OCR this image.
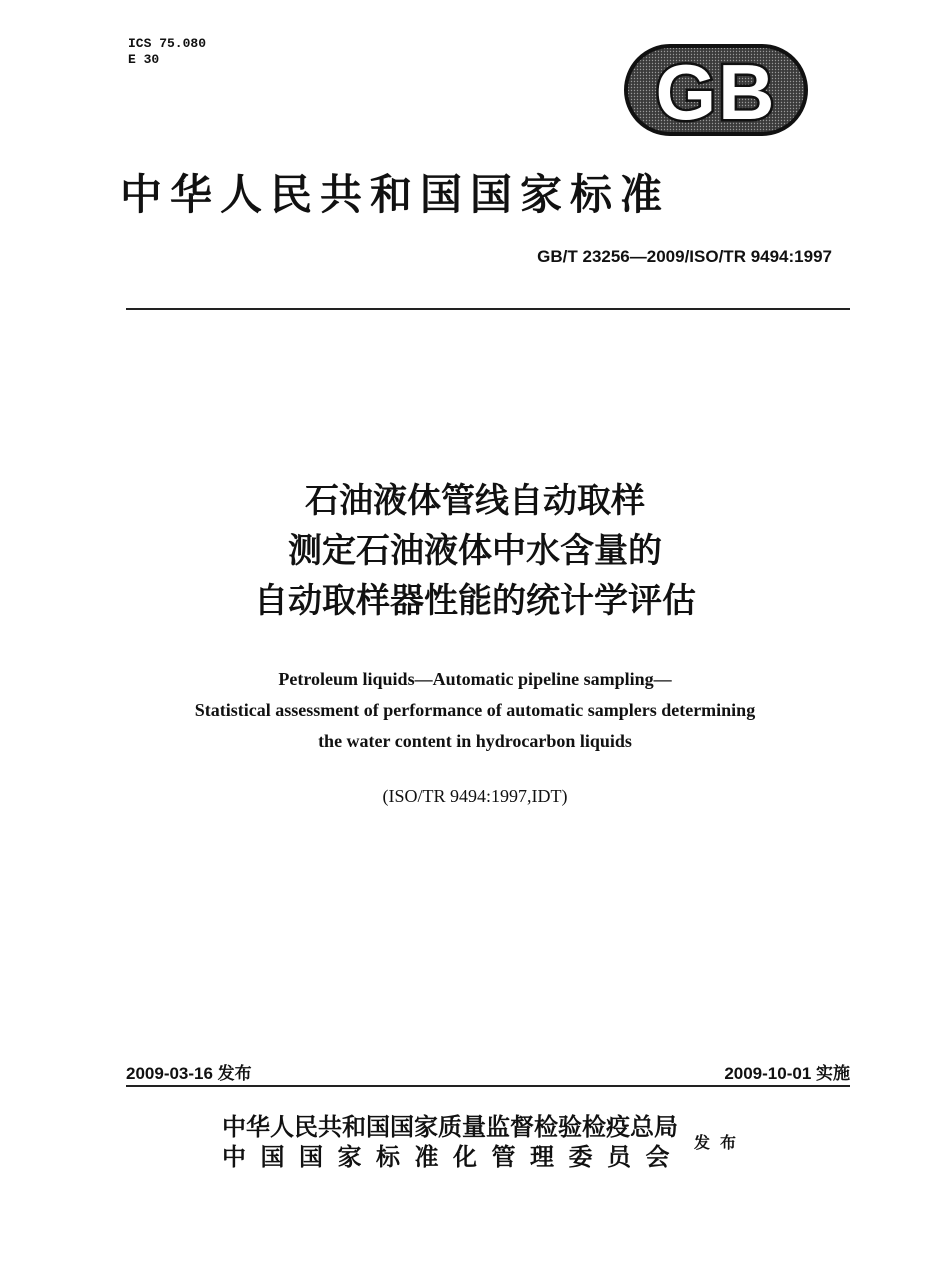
ICS 75.080
E 30	GB
中华人民共和国国家标准
GB/T 23256—2009/ISO/TR 9494:1997
石油液体管线自动取样
测定石油液体中水含量的
自动取样器性能的统计学评估
Petroleum liquids—Automatic pipeline sampling—
Statistical assessment of performance of automatic samplers determining
the water content in hydrocarbon liquids
(ISO/TR 9494:1997,IDT)
2009-03-16 发布	2009-10-01 实施
中华人民共和国国家质量监督检验检疫总局
中国国家标准化管理委员会 发布
